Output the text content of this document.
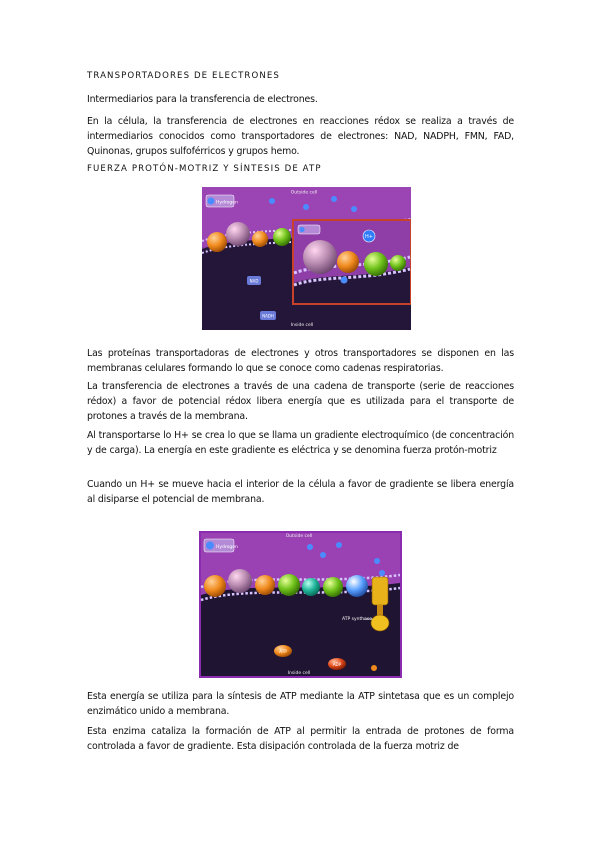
TRANSPORTADORES DE ELECTRONES
Intermediarios para la transferencia de electrones.
En la célula, la transferencia de electrones en reacciones rédox se realiza a través de intermediarios conocidos como transportadores de electrones: NAD, NADPH, FMN, FAD, Quinonas, grupos sulfoférricos y grupos hemo.
FUERZA PROTÓN-MOTRIZ Y SÍNTESIS DE ATP
Hydrogen
Outside cell
Inside cell
NAD
NADH
H+
Las proteínas transportadoras de electrones y otros transportadores se disponen en las membranas celulares formando lo que se conoce como cadenas respiratorias.
La transferencia de electrones a través de una cadena de transporte (serie de reacciones rédox) a favor de potencial rédox libera energía que es utilizada para el transporte de protones a través de la membrana.
Al transportarse lo H+ se crea lo que se llama un gradiente electroquímico (de concentración y de carga). La energía en este gradiente es eléctrica y se denomina fuerza protón-motriz
Cuando un H+ se mueve hacia el interior de la célula a favor de gradiente se libera energía al disiparse el potencial de membrana.
Hydrogen
Outside cell
Inside cell
ATP synthase
ATP
ADP
Esta energía se utiliza para la síntesis de ATP mediante la ATP sintetasa que es un complejo enzimático unido a membrana.
Esta enzima cataliza la formación de ATP al permitir la entrada de protones de forma controlada a favor de gradiente. Esta disipación controlada de la fuerza motriz de
